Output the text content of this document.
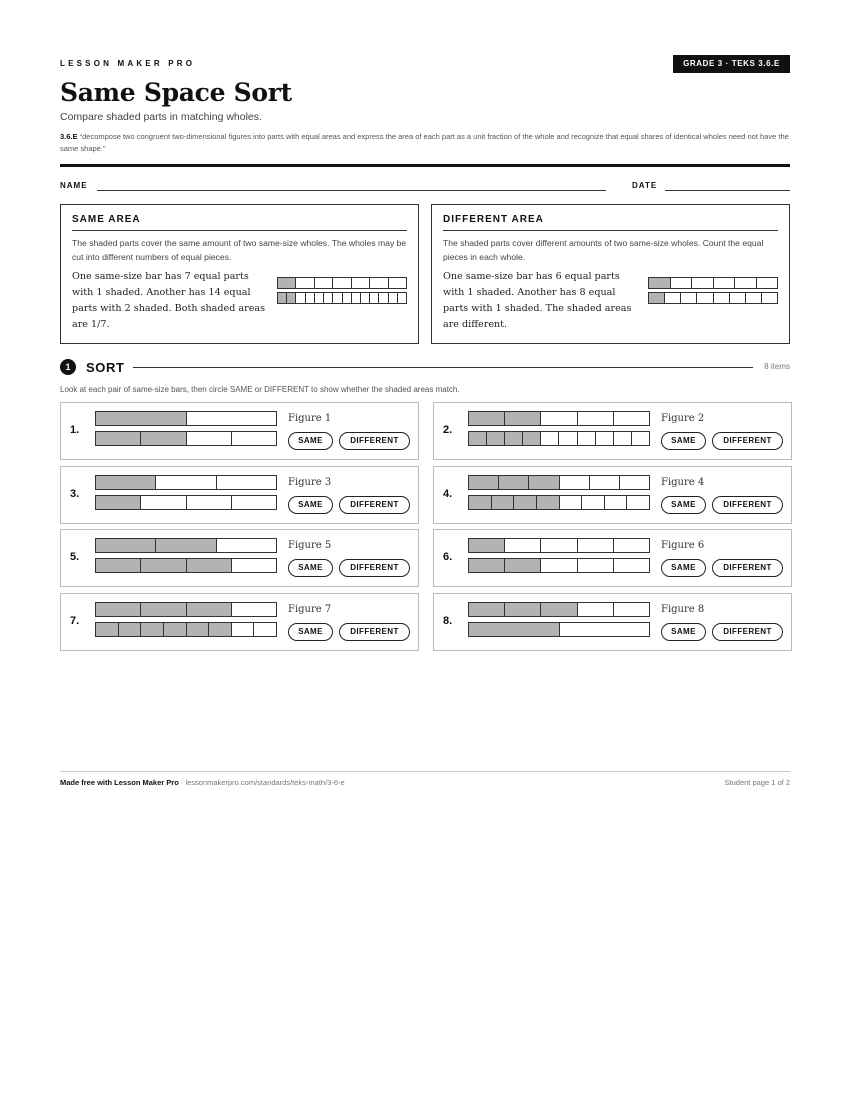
LESSON MAKER PRO	GRADE 3 · TEKS 3.6.E
Same Space Sort
Compare shaded parts in matching wholes.
3.6.E “decompose two congruent two-dimensional figures into parts with equal areas and express the area of each part as a unit fraction of the whole and recognize that equal shares of identical wholes need not have the same shape.”
NAME	DATE
SAME AREA
The shaded parts cover the same amount of two same-size wholes. The wholes may be cut into different numbers of equal pieces.
One same-size bar has 7 equal parts with 1 shaded. Another has 14 equal parts with 2 shaded. Both shaded areas are 1/7.
DIFFERENT AREA
The shaded parts cover different amounts of two same-size wholes. Count the equal pieces in each whole.
One same-size bar has 6 equal parts with 1 shaded. Another has 8 equal parts with 1 shaded. The shaded areas are different.
1	SORT	8 items
Look at each pair of same-size bars, then circle SAME or DIFFERENT to show whether the shaded areas match.
1.
Figure 1
SAME	DIFFERENT
2.
Figure 2
SAME	DIFFERENT
3.
Figure 3
SAME	DIFFERENT
4.
Figure 4
SAME	DIFFERENT
5.
Figure 5
SAME	DIFFERENT
6.
Figure 6
SAME	DIFFERENT
7.
Figure 7
SAME	DIFFERENT
8.
Figure 8
SAME	DIFFERENT
Made free with Lesson Maker Pro · lessonmakerpro.com/standards/teks-math/3-6-e	Student page 1 of 2
